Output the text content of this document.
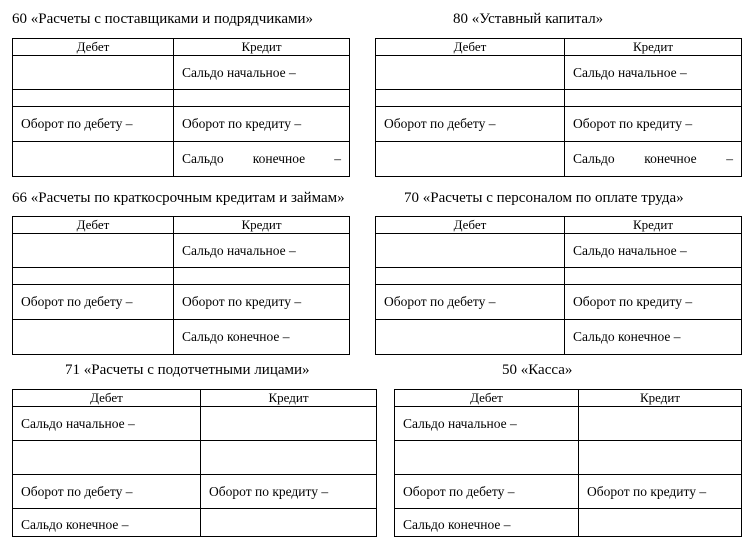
60 «Расчеты с поставщиками и подрядчиками»
Дебет	Кредит
	Сальдо начальное –

Оборот по дебету –	Оборот по кредиту –

	Сальдо конечное –
80 «Уставный капитал»
Дебет	Кредит
	Сальдо начальное –

Оборот по дебету –	Оборот по кредиту –

	Сальдо конечное –
66 «Расчеты по краткосрочным кредитам и займам»
Дебет	Кредит
	Сальдо начальное –

Оборот по дебету –	Оборот по кредиту –
	Сальдо конечное –
70 «Расчеты с персоналом по оплате труда»
Дебет	Кредит
	Сальдо начальное –

Оборот по дебету –	Оборот по кредиту –
	Сальдо конечное –
71 «Расчеты с подотчетными лицами»
Дебет	Кредит
Сальдо начальное –	

Оборот по дебету –	Оборот по кредиту –
Сальдо конечное –	
50 «Касса»
Дебет	Кредит
Сальдо начальное –	

Оборот по дебету –	Оборот по кредиту –
Сальдо конечное –	
